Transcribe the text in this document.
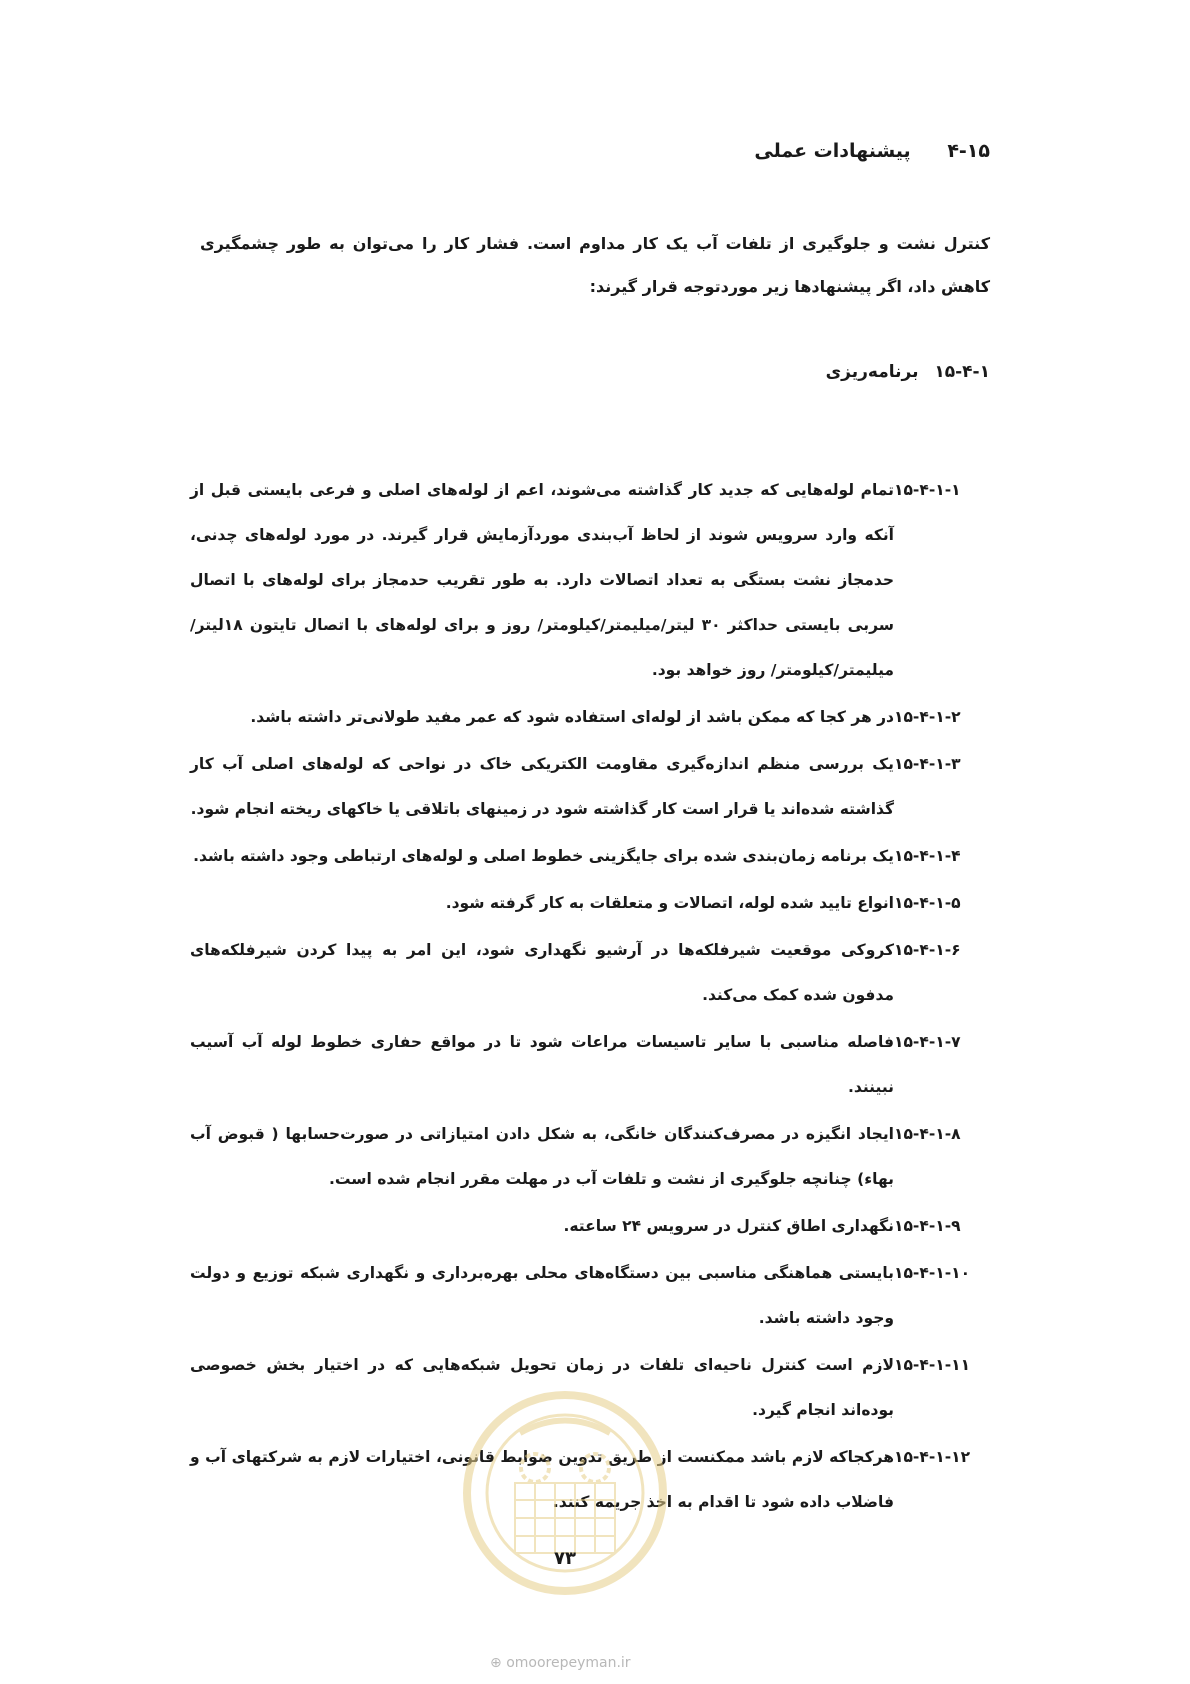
۴-۱۵ پیشنهادات عملی
کنترل نشت و جلوگیری از تلفات آب یک کار مداوم است. فشار کار را می‌توان به طور چشمگیری کاهش داد، اگر پیشنهادها زیر موردتوجه قرار گیرند:
۱۵-۴-۱ برنامه‌ریزی
۱۵-۴-۱-۱
تمام لوله‌هایی که جدید کار گذاشته می‌شوند، اعم از لوله‌های اصلی و فرعی بایستی قبل از آنکه وارد سرویس شوند از لحاظ آب‌بندی موردآزمایش قرار گیرند. در مورد لوله‌های چدنی، حدمجاز نشت بستگی به تعداد اتصالات دارد. به طور تقریب حدمجاز برای لوله‌های با اتصال سربی بایستی حداکثر ۳۰ لیتر/میلیمتر/کیلومتر/ روز و برای لوله‌های با اتصال تایتون ۱۸لیتر/میلیمتر/کیلومتر/ روز خواهد بود.
۱۵-۴-۱-۲
در هر کجا که ممکن باشد از لوله‌ای استفاده شود که عمر مفید طولانی‌تر داشته باشد.
۱۵-۴-۱-۳
یک بررسی منظم اندازه‌گیری مقاومت الکتریکی خاک در نواحی که لوله‌های اصلی آب کار گذاشته شده‌اند یا قرار است کار گذاشته شود در زمینهای باتلاقی یا خاکهای ریخته انجام شود.
۱۵-۴-۱-۴
یک برنامه زمان‌بندی شده برای جایگزینی خطوط اصلی و لوله‌های ارتباطی وجود داشته باشد.
۱۵-۴-۱-۵
انواع تایید شده لوله، اتصالات و متعلقات به کار گرفته شود.
۱۵-۴-۱-۶
کروکی موقعیت شیرفلکه‌ها در آرشیو نگهداری شود، این امر به پیدا کردن شیرفلکه‌های مدفون شده کمک می‌کند.
۱۵-۴-۱-۷
فاصله مناسبی با سایر تاسیسات مراعات شود تا در مواقع حفاری خطوط لوله آب آسیب نبینند.
۱۵-۴-۱-۸
ایجاد انگیزه در مصرف‌کنندگان خانگی، به شکل دادن امتیازاتی در صورت‌حسابها ( قبوض آب بهاء) چنانچه جلوگیری از نشت و تلفات آب در مهلت مقرر انجام شده است.
۱۵-۴-۱-۹
نگهداری اطاق کنترل در سرویس ۲۴ ساعته.
۱۵-۴-۱-۱۰
بایستی هماهنگی مناسبی بین دستگاه‌های محلی بهره‌برداری و نگهداری شبکه توزیع و دولت وجود داشته باشد.
۱۵-۴-۱-۱۱
لازم است کنترل ناحیه‌ای تلفات در زمان تحویل شبکه‌هایی که در اختیار بخش خصوصی بوده‌اند انجام گیرد.
۱۵-۴-۱-۱۲
هرکجاکه لازم باشد ممکنست از طریق تدوین ضوابط قانونی، اختیارات لازم به شرکتهای آب و فاضلاب داده شود تا اقدام به اخذ جریمه کنند.
۷۳
⊕ omoorepeyman.ir
